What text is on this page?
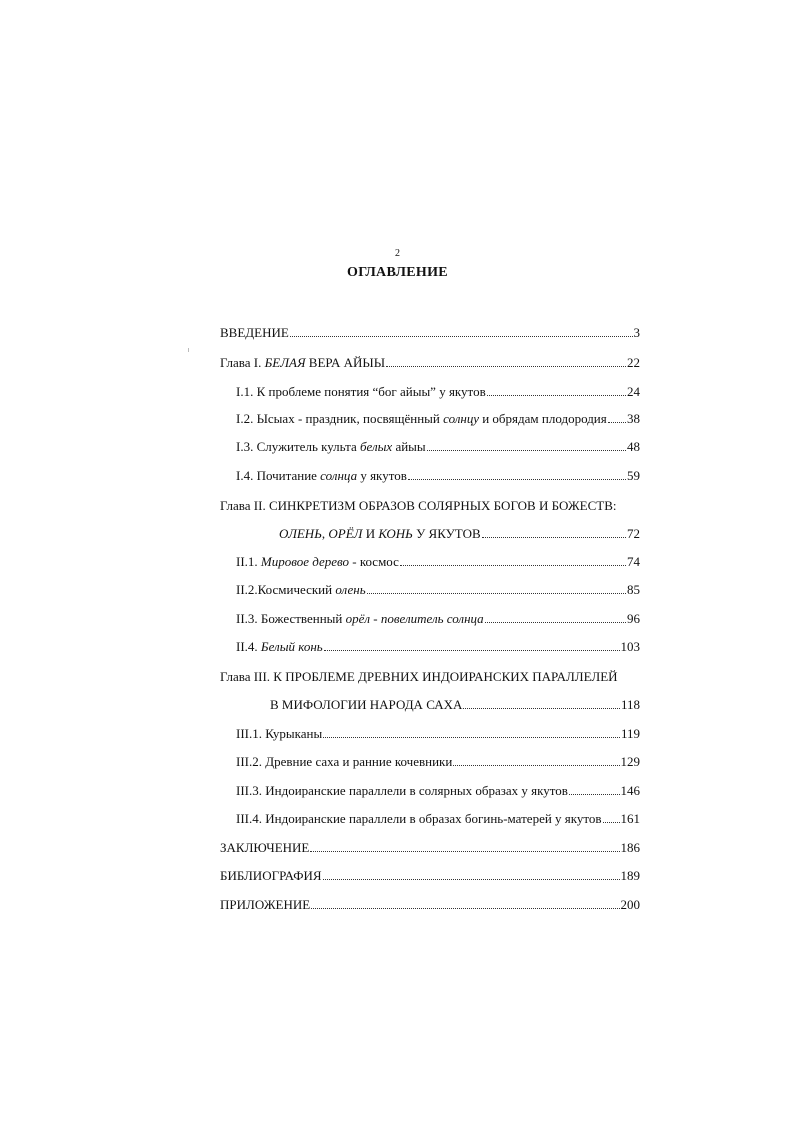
2
ОГЛАВЛЕНИЕ
ВВЕДЕНИЕ	3
Глава I. БЕЛАЯ ВЕРА АЙЫЫ	22
I.1. К проблеме понятия “бог айыы” у якутов	24
I.2. Ысыах - праздник, посвящённый солнцу и обрядам плодородия 38
I.3. Служитель культа белых айыы	48
I.4. Почитание солнца у якутов	59
Глава II. СИНКРЕТИЗМ ОБРАЗОВ СОЛЯРНЫХ БОГОВ И БОЖЕСТВ:
ОЛЕНЬ, ОРЁЛ И КОНЬ У ЯКУТОВ	72
II.1. Мировое дерево - космос	74
II.2.Космический олень	85
II.3. Божественный орёл - повелитель солнца	96
II.4. Белый конь	103
Глава III. К ПРОБЛЕМЕ ДРЕВНИХ ИНДОИРАНСКИХ ПАРАЛЛЕЛЕЙ
В МИФОЛОГИИ НАРОДА САХА	118
III.1. Курыканы	119
III.2. Древние саха и ранние кочевники	129
III.3. Индоиранские параллели в солярных образах у якутов	146
III.4. Индоиранские параллели в образах богинь-матерей у якутов 161
ЗАКЛЮЧЕНИЕ	186
БИБЛИОГРАФИЯ	189
ПРИЛОЖЕНИЕ	200
